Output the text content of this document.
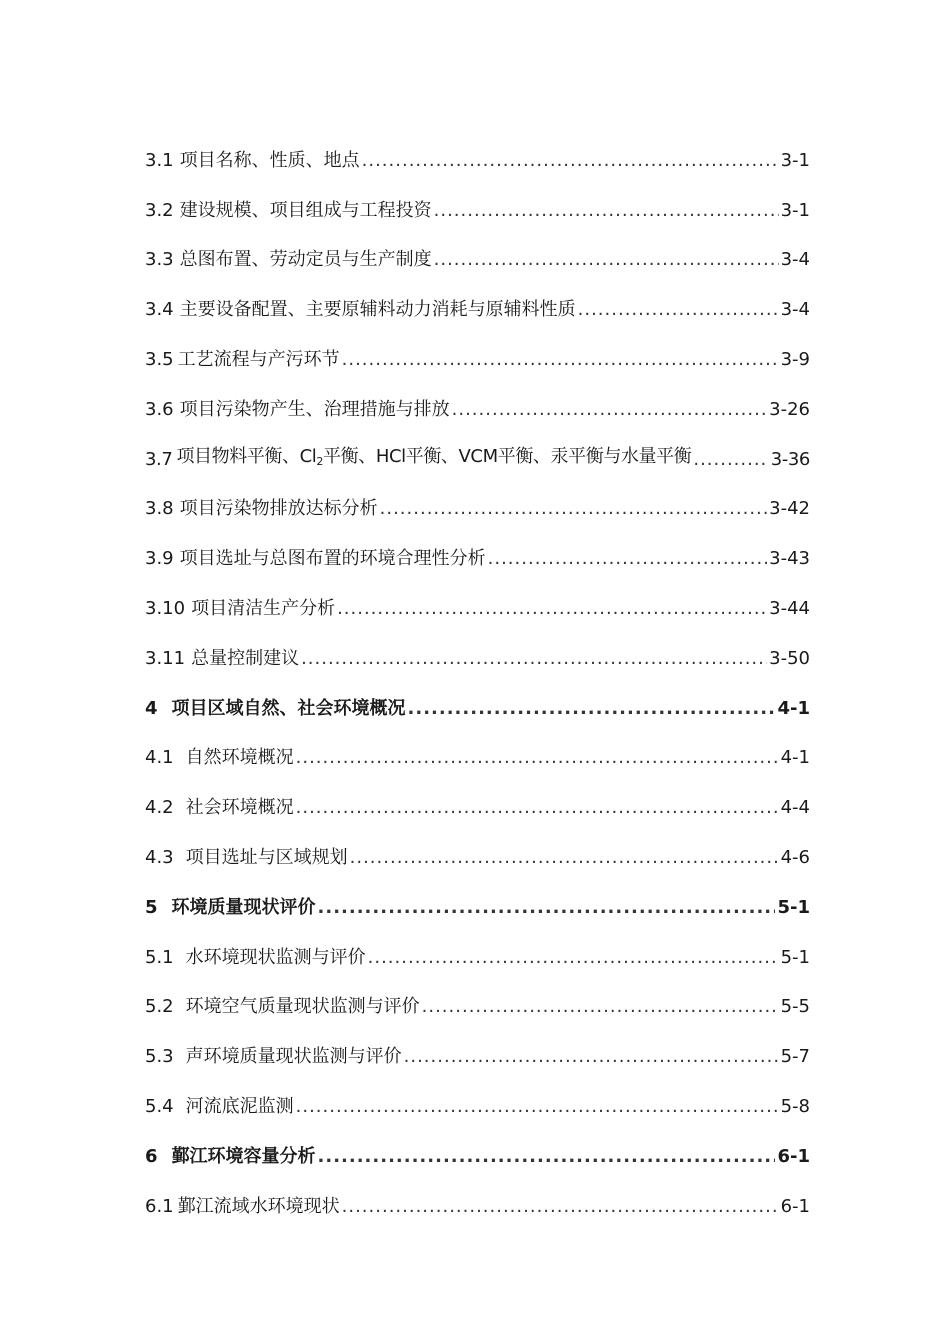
3.1 项目名称、性质、地点 .....	3-1
3.2 建设规模、项目组成与工程投资 .....	3-1
3.3 总图布置、劳动定员与生产制度 .....	3-4
3.4 主要设备配置、主要原辅料动力消耗与原辅料性质 .....	3-4
3.5 工艺流程与产污环节 .....	3-9
3.6 项目污染物产生、治理措施与排放 .....	3-26
3.7 项目物料平衡、$Cl_2$平衡、HCl平衡、VCM平衡、汞平衡与水量平衡 .....	3-36
3.8 项目污染物排放达标分析 .....	3-42
3.9 项目选址与总图布置的环境合理性分析 .....	3-43
3.10 项目清洁生产分析 .....	3-44
3.11 总量控制建议 .....	3-50
4 项目区域自然、社会环境概况 .....	4-1
4.1 自然环境概况 .....	4-1
4.2 社会环境概况 .....	4-4
4.3 项目选址与区域规划 .....	4-6
5 环境质量现状评价 .....	5-1
5.1 水环境现状监测与评价 .....	5-1
5.2 环境空气质量现状监测与评价 .....	5-5
5.3 声环境质量现状监测与评价 .....	5-7
5.4 河流底泥监测 .....	5-8
6 鄞江环境容量分析 .....	6-1
6.1 鄞江流域水环境现状 .....	6-1
